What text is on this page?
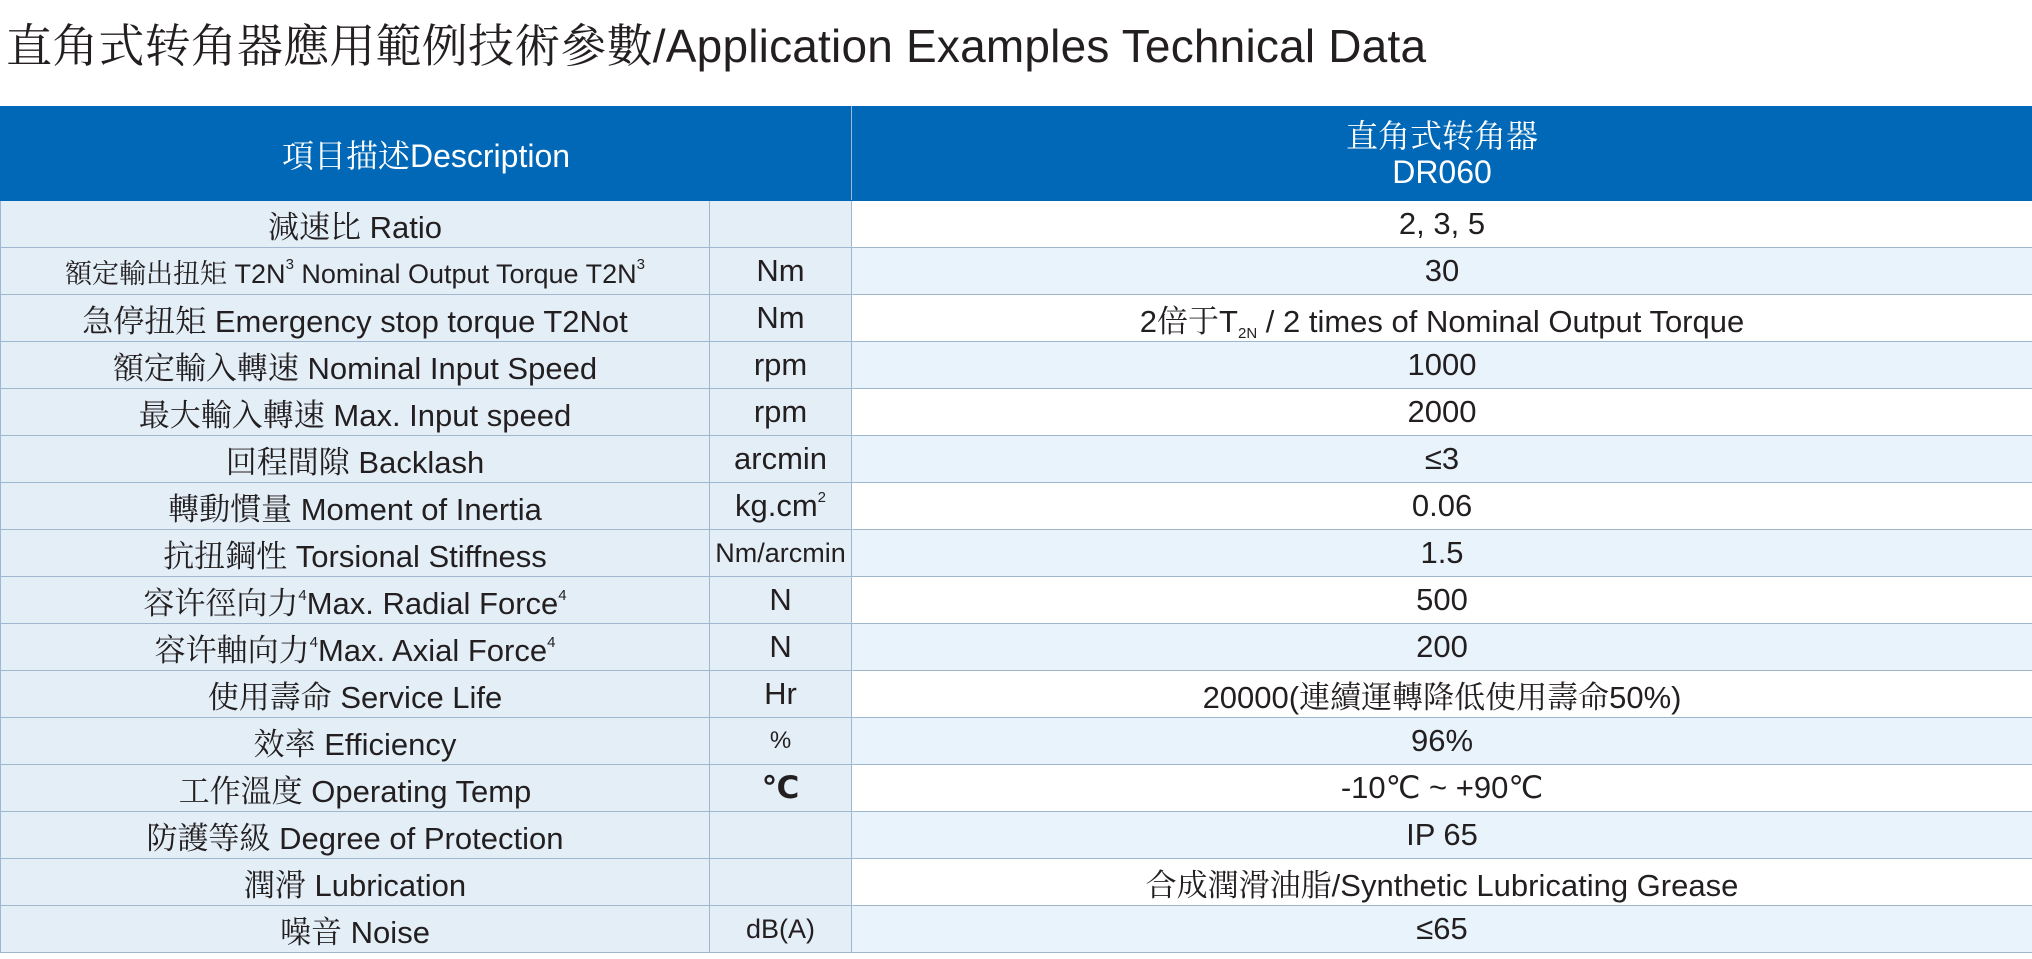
直角式转角器應用範例技術參數/Application Examples Technical Data
項目描述Description		直角式转角器
DR060

減速比 Ratio		2, 3, 5
額定輸出扭矩 $T2N^3$ Nominal Output Torque $T2N^3$	Nm	30
急停扭矩 Emergency stop torque T2Not	Nm	2倍于$T_{2N} / 2$ times of Nominal Output Torque
額定輸入轉速 Nominal Input Speed	rpm	1000
最大輸入轉速 Max. Input speed	rpm	2000
回程間隙 Backlash	arcmin	≤3
轉動慣量 Moment of Inertia	$kg.cm^2$	0.06
抗扭鋼性 Torsional Stiffness	Nm/arcmin	1.5
容许徑向力$^4$Max. Radial Force$^4$	N	500
容许軸向力$^4$Max. Axial Force$^4$	N	200
使用壽命 Service Life	Hr	20000(連續運轉降低使用壽命50%)
效率 Efficiency	%	96%
工作溫度 Operating Temp	℃	-10℃ ~ +90℃
防護等級 Degree of Protection		IP 65
潤滑 Lubrication		合成潤滑油脂/Synthetic Lubricating Grease
噪音 Noise	dB(A)	≤65
